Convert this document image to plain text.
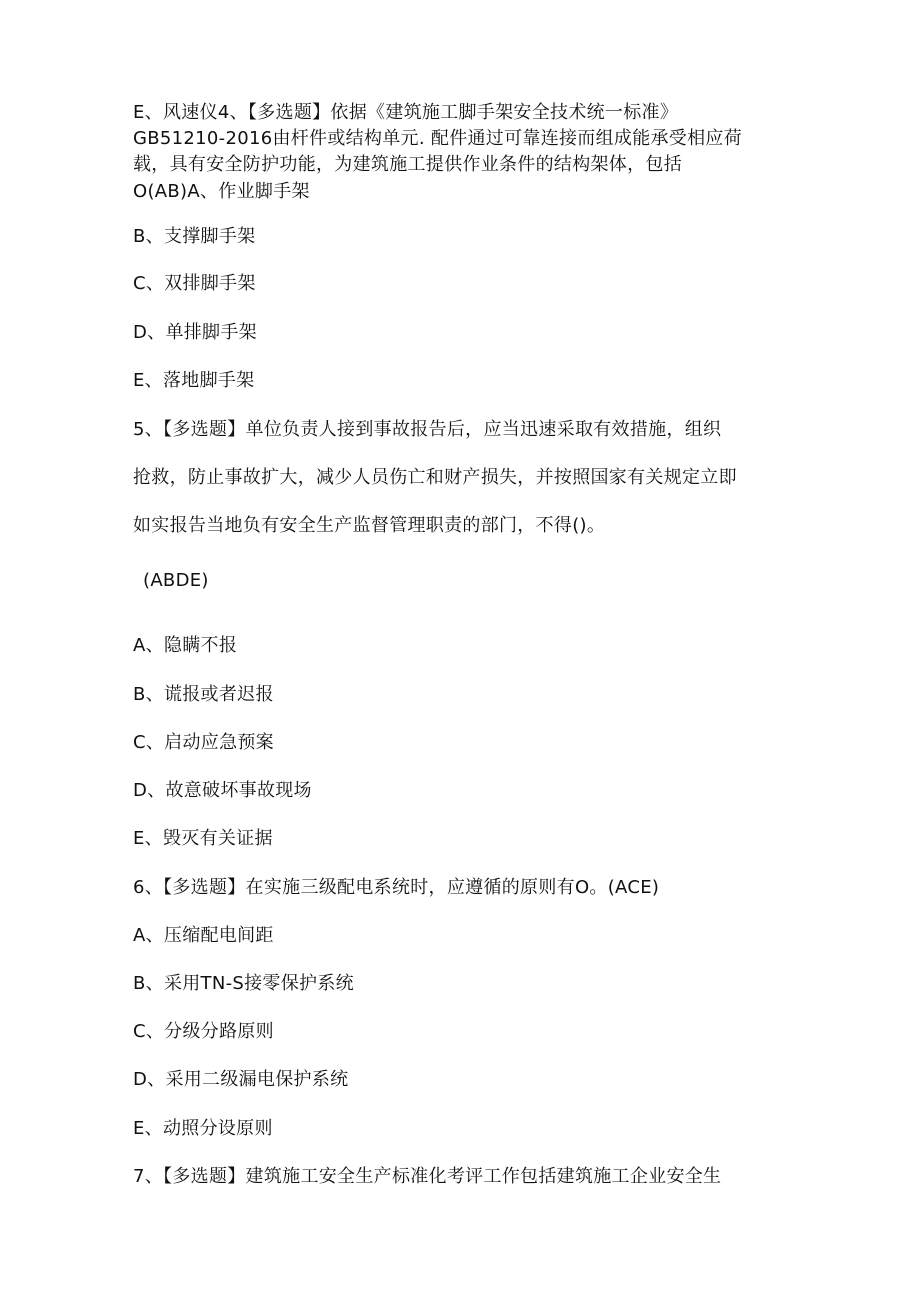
E、风速仪4、【多选题】依据《建筑施工脚手架安全技术统一标准》
GB51210-2016由杆件或结构单元. 配件通过可靠连接而组成能承受相应荷
载，具有安全防护功能，为建筑施工提供作业条件的结构架体，包括
O(AB)A、作业脚手架
B、支撑脚手架
C、双排脚手架
D、单排脚手架
E、落地脚手架
5、【多选题】单位负责人接到事故报告后，应当迅速采取有效措施，组织
抢救，防止事故扩大，减少人员伤亡和财产损失，并按照国家有关规定立即
如实报告当地负有安全生产监督管理职责的部门，不得()。
(ABDE)
A、隐瞒不报
B、谎报或者迟报
C、启动应急预案
D、故意破坏事故现场
E、毁灭有关证据
6、【多选题】在实施三级配电系统时，应遵循的原则有O。(ACE)
A、压缩配电间距
B、采用TN-S接零保护系统
C、分级分路原则
D、采用二级漏电保护系统
E、动照分设原则
7、【多选题】建筑施工安全生产标准化考评工作包括建筑施工企业安全生
